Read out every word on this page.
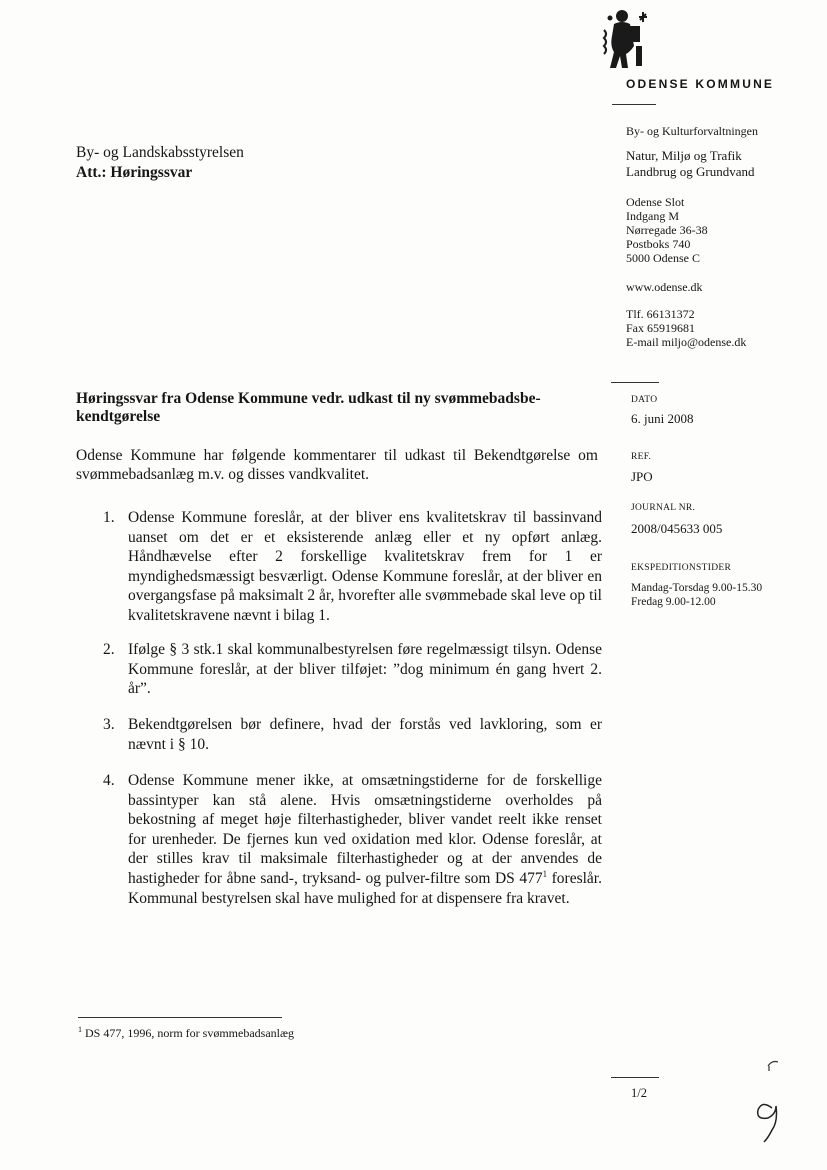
ODENSE KOMMUNE
By- og Landskabsstyrelsen
Att.: Høringssvar
By- og Kulturforvaltningen
Natur, Miljø og Trafik
Landbrug og Grundvand
Odense Slot
Indgang M
Nørregade 36-38
Postboks 740
5000 Odense C
www.odense.dk
Tlf. 66131372
Fax 65919681
E-mail miljo@odense.dk
DATO
6. juni 2008
REF.
JPO
JOURNAL NR.
2008/045633 005
EKSPEDITIONSTIDER
Mandag-Torsdag 9.00-15.30
Fredag 9.00-12.00
Høringssvar fra Odense Kommune vedr. udkast til ny svømmebadsbe-kendtgørelse
Odense Kommune har følgende kommentarer til udkast til Bekendtgørelse om svømmebadsanlæg m.v. og disses vandkvalitet.
1. Odense Kommune foreslår, at der bliver ens kvalitetskrav til bassinvand uanset om det er et eksisterende anlæg eller et ny opført anlæg. Håndhævelse efter 2 forskellige kvalitetskrav frem for 1 er myndighedsmæssigt besværligt. Odense Kommune foreslår, at der bliver en overgangsfase på maksimalt 2 år, hvorefter alle svømmebade skal leve op til kvalitetskravene nævnt i bilag 1.
2. Ifølge § 3 stk.1 skal kommunalbestyrelsen føre regelmæssigt tilsyn. Odense Kommune foreslår, at der bliver tilføjet: ”dog minimum én gang hvert 2. år”.
3. Bekendtgørelsen bør definere, hvad der forstås ved lavkloring, som er nævnt i § 10.
4. Odense Kommune mener ikke, at omsætningstiderne for de forskellige bassintyper kan stå alene. Hvis omsætningstiderne overholdes på bekostning af meget høje filterhastigheder, bliver vandet reelt ikke renset for urenheder. De fjernes kun ved oxidation med klor. Odense foreslår, at der stilles krav til maksimale filterhastigheder og at der anvendes de hastigheder for åbne sand-, tryksand- og pulver-filtre som DS $477^1$ foreslår. Kommunal bestyrelsen skal have mulighed for at dispensere fra kravet.
$^1$ DS 477, 1996, norm for svømmebadsanlæg
1/2
